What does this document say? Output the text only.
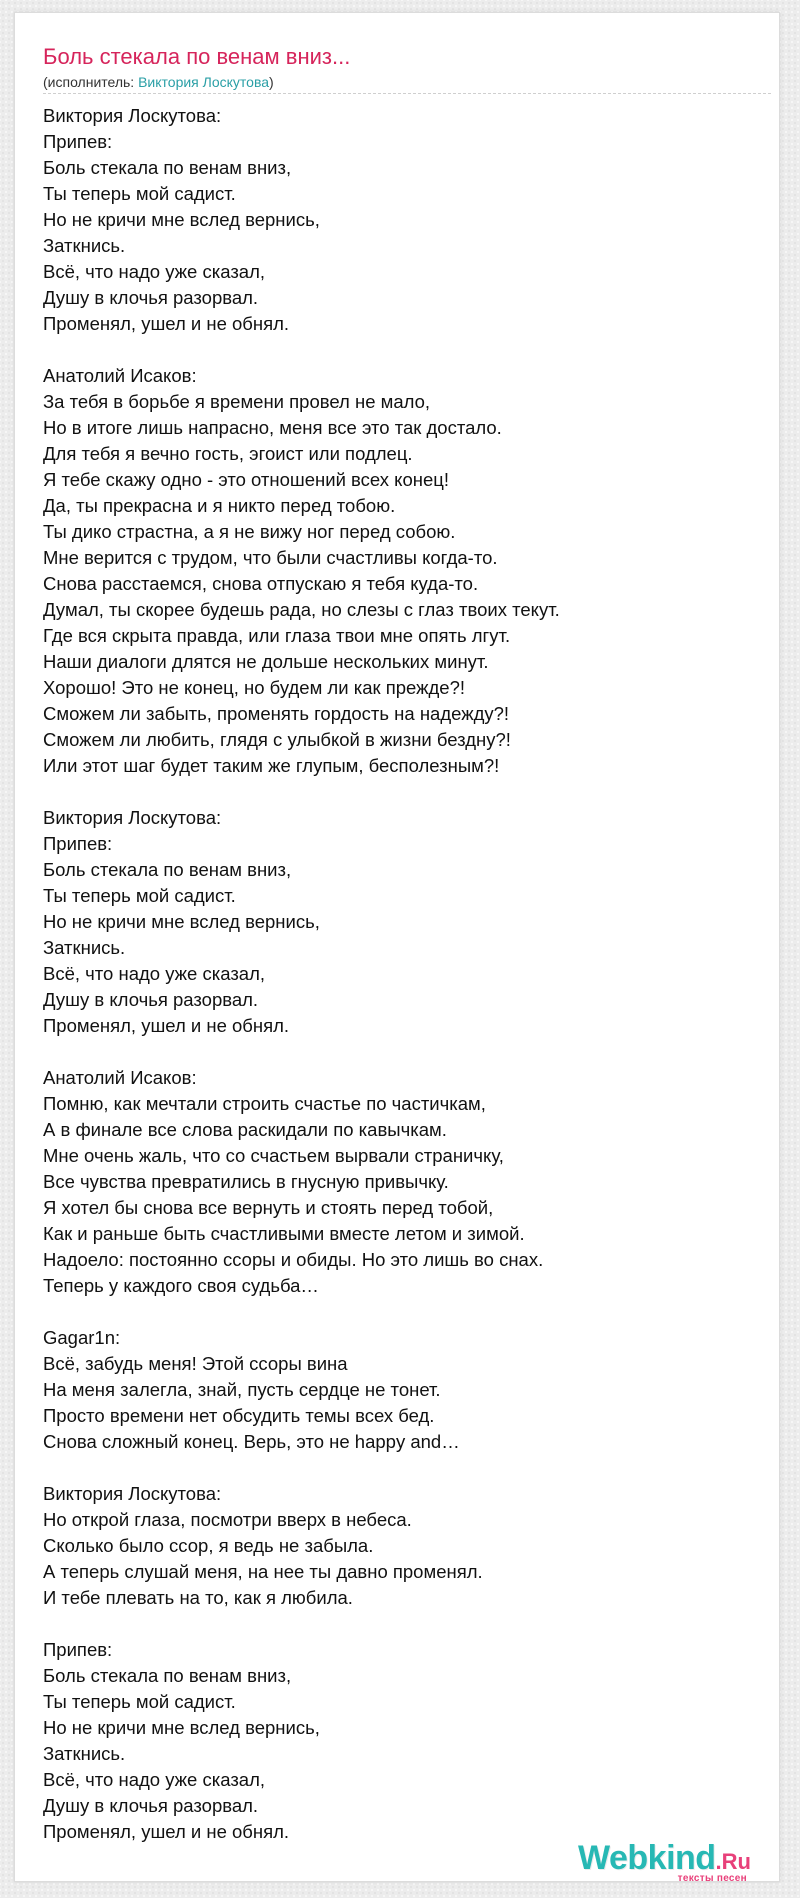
Боль стекала по венам вниз...
(исполнитель: Виктория Лоскутова)
Виктория Лоскутова:
Припев:
Боль стекала по венам вниз,
Ты теперь мой садист.
Но не кричи мне вслед вернись,
Заткнись.
Всё, что надо уже сказал,
Душу в клочья разорвал.
Променял, ушел и не обнял.

Анатолий Исаков:
За тебя в борьбе я времени провел не мало,
Но в итоге лишь напрасно, меня все это так достало.
Для тебя я вечно гость, эгоист или подлец.
Я тебе скажу одно - это отношений всех конец!
Да, ты прекрасна и я никто перед тобою.
Ты дико страстна, а я не вижу ног перед собою.
Мне верится с трудом, что были счастливы когда-то.
Снова расстаемся, снова отпускаю я тебя куда-то.
Думал, ты скорее будешь рада, но слезы с глаз твоих текут.
Где вся скрыта правда, или глаза твои мне опять лгут.
Наши диалоги длятся не дольше нескольких минут.
Хорошо! Это не конец, но будем ли как прежде?!
Сможем ли забыть, променять гордость на надежду?!
Сможем ли любить, глядя с улыбкой в жизни бездну?!
Или этот шаг будет таким же глупым, бесполезным?!

Виктория Лоскутова:
Припев:
Боль стекала по венам вниз,
Ты теперь мой садист.
Но не кричи мне вслед вернись,
Заткнись.
Всё, что надо уже сказал,
Душу в клочья разорвал.
Променял, ушел и не обнял.

Анатолий Исаков:
Помню, как мечтали строить счастье по частичкам,
А в финале все слова раскидали по кавычкам.
Мне очень жаль, что со счастьем вырвали страничку,
Все чувства превратились в гнусную привычку.
Я хотел бы снова все вернуть и стоять перед тобой,
Как и раньше быть счастливыми вместе летом и зимой.
Надоело: постоянно ссоры и обиды. Но это лишь во снах.
Теперь у каждого своя судьба…

Gagar1n:
Всё, забудь меня! Этой ссоры вина
На меня залегла, знай, пусть сердце не тонет.
Просто времени нет обсудить темы всех бед.
Снова сложный конец. Верь, это не happy and…

Виктория Лоскутова:
Но открой глаза, посмотри вверх в небеса.
Сколько было ссор, я ведь не забыла.
А теперь слушай меня, на нее ты давно променял.
И тебе плевать на то, как я любила.

Припев:
Боль стекала по венам вниз,
Ты теперь мой садист.
Но не кричи мне вслед вернись,
Заткнись.
Всё, что надо уже сказал,
Душу в клочья разорвал.
Променял, ушел и не обнял.
Webkind.Ru
тексты песен
